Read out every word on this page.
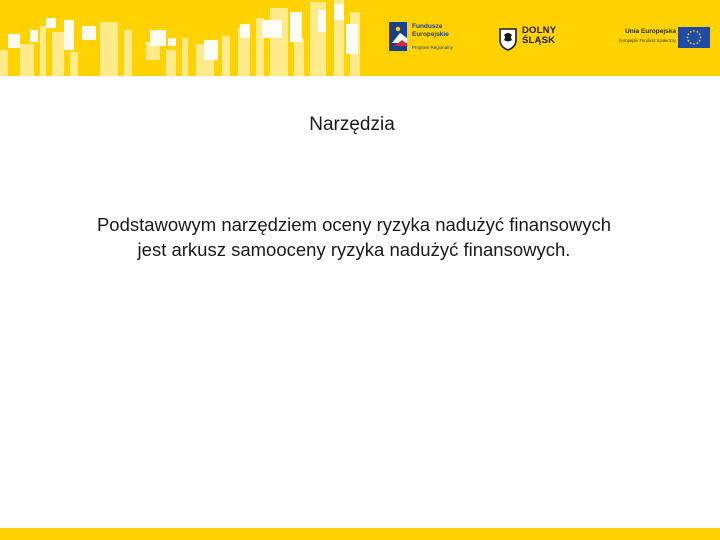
Fundusze
Europejskie
Program Regionalny
DOLNY
ŚLĄSK
Unia Europejska
Europejski Fundusz Społeczny
Narzędzia
Podstawowym narzędziem oceny ryzyka nadużyć finansowych
jest arkusz samooceny ryzyka nadużyć finansowych.
